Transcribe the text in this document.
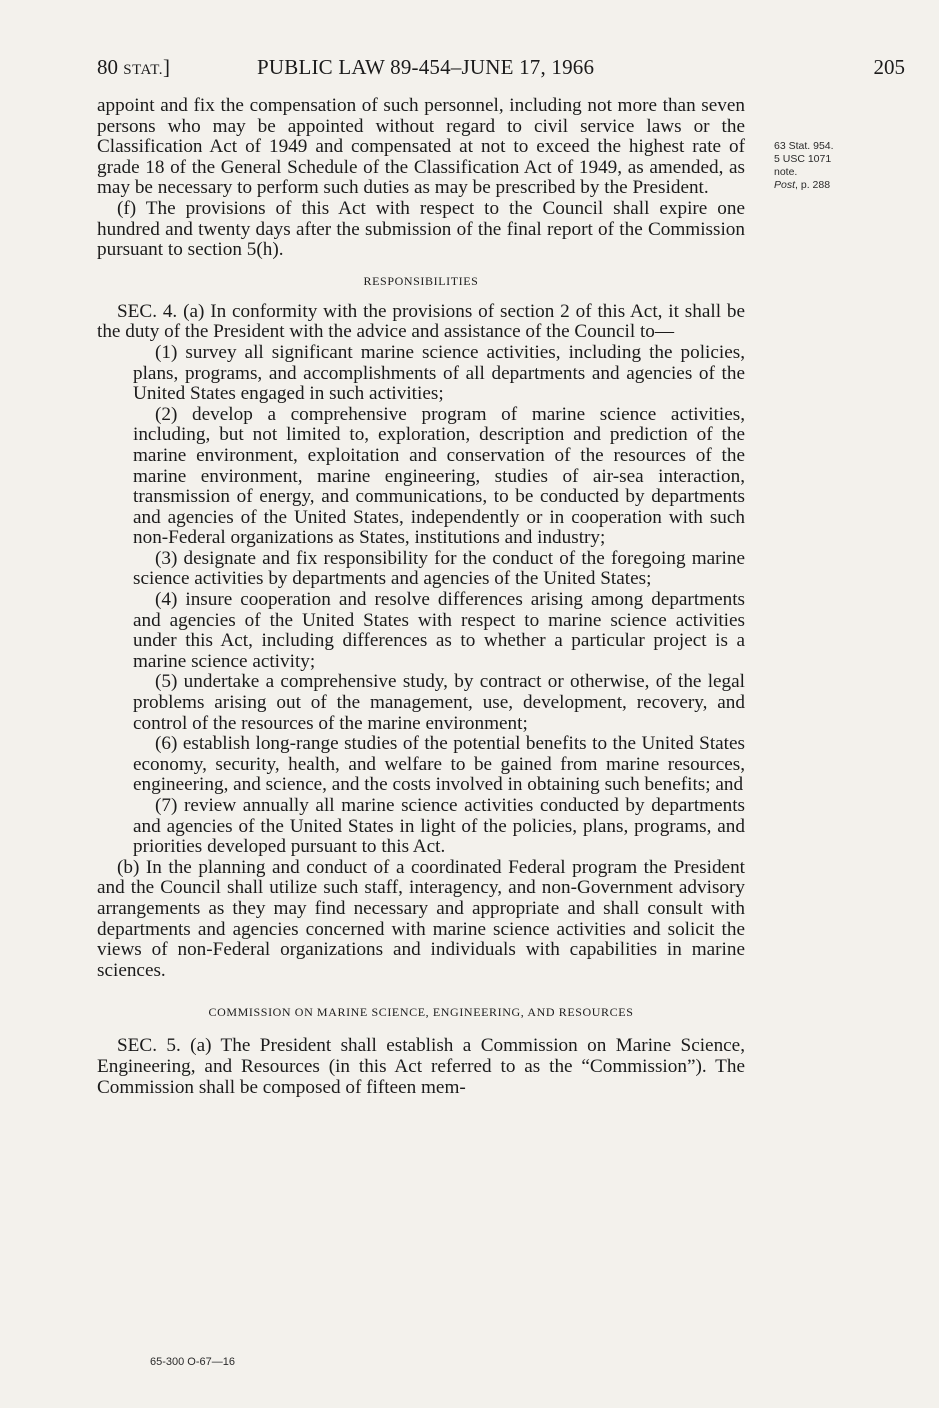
80 STAT.]	PUBLIC LAW 89-454–JUNE 17, 1966	205
63 Stat. 954.
5 USC 1071
note.
Post, p. 288

appoint and fix the compensation of such personnel, including not more than seven persons who may be appointed without regard to civil service laws or the Classification Act of 1949 and compensated at not to exceed the highest rate of grade 18 of the General Schedule of the Classification Act of 1949, as amended, as may be necessary to perform such duties as may be prescribed by the President.

(f) The provisions of this Act with respect to the Council shall expire one hundred and twenty days after the submission of the final report of the Commission pursuant to section 5(h).

RESPONSIBILITIES

SEC. 4. (a) In conformity with the provisions of section 2 of this Act, it shall be the duty of the President with the advice and assistance of the Council to—

(1) survey all significant marine science activities, including the policies, plans, programs, and accomplishments of all departments and agencies of the United States engaged in such activities;

(2) develop a comprehensive program of marine science activities, including, but not limited to, exploration, description and prediction of the marine environment, exploitation and conservation of the resources of the marine environment, marine engineering, studies of air-sea interaction, transmission of energy, and communications, to be conducted by departments and agencies of the United States, independently or in cooperation with such non-Federal organizations as States, institutions and industry;

(3) designate and fix responsibility for the conduct of the foregoing marine science activities by departments and agencies of the United States;

(4) insure cooperation and resolve differences arising among departments and agencies of the United States with respect to marine science activities under this Act, including differences as to whether a particular project is a marine science activity;

(5) undertake a comprehensive study, by contract or otherwise, of the legal problems arising out of the management, use, development, recovery, and control of the resources of the marine environment;

(6) establish long-range studies of the potential benefits to the United States economy, security, health, and welfare to be gained from marine resources, engineering, and science, and the costs involved in obtaining such benefits; and

(7) review annually all marine science activities conducted by departments and agencies of the United States in light of the policies, plans, programs, and priorities developed pursuant to this Act.

(b) In the planning and conduct of a coordinated Federal program the President and the Council shall utilize such staff, interagency, and non-Government advisory arrangements as they may find necessary and appropriate and shall consult with departments and agencies concerned with marine science activities and solicit the views of non-Federal organizations and individuals with capabilities in marine sciences.

COMMISSION ON MARINE SCIENCE, ENGINEERING, AND RESOURCES

SEC. 5. (a) The President shall establish a Commission on Marine Science, Engineering, and Resources (in this Act referred to as the “Commission”). The Commission shall be composed of fifteen mem-

65-300 O-67—16
